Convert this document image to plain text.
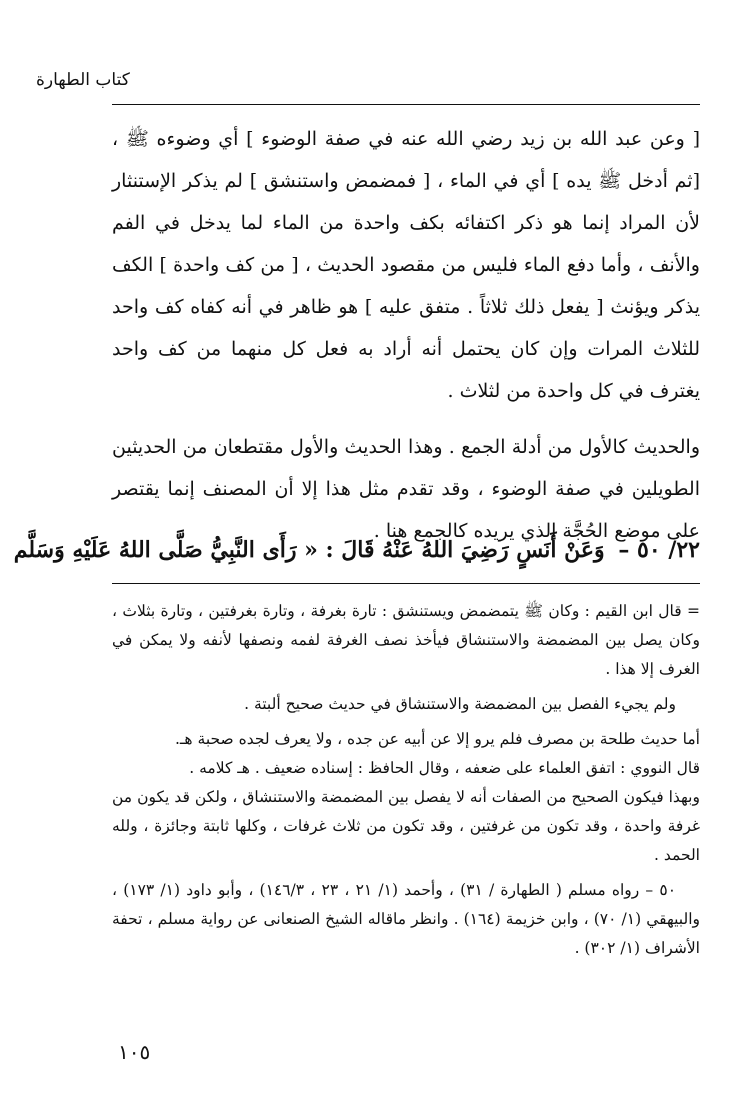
كتاب الطهارة

[ وعن عبد الله بن زيد رضي الله عنه في صفة الوضوء ] أي وضوءه ﷺ ، [ثم أدخل ﷺ يده ] أي في الماء ، [ فمضمض واستنشق ] لم يذكر الإستنثار لأن المراد إنما هو ذكر اكتفائه بكف واحدة من الماء لما يدخل في الفم والأنف ، وأما دفع الماء فليس من مقصود الحديث ، [ من كف واحدة ] الكف يذكر ويؤنث [ يفعل ذلك ثلاثاً . متفق عليه ] هو ظاهر في أنه كفاه كف واحد للثلاث المرات وإن كان يحتمل أنه أراد به فعل كل منهما من كف واحد يغترف في كل واحدة من لثلاث .

والحديث كالأول من أدلة الجمع . وهذا الحديث والأول مقتطعان من الحديثين الطويلين في صفة الوضوء ، وقد تقدم مثل هذا إلا أن المصنف إنما يقتصر على موضع الحُجَّة الذي يريده كالجمع هنا .

٢٢/ ٥٠ – وَعَنْ أَنَسٍ رَضِيَ اللهُ عَنْهُ قَالَ : « رَأَى النَّبِيُّ صَلَّى اللهُ عَلَيْهِ وَسَلَّم

= قال ابن القيم : وكان ﷺ يتمضمض ويستنشق : تارة بغرفة ، وتارة بغرفتين ، وتارة بثلاث ، وكان يصل بين المضمضة والاستنشاق فيأخذ نصف الغرفة لفمه ونصفها لأنفه ولا يمكن في الغرف إلا هذا .

ولم يجيء الفصل بين المضمضة والاستنشاق في حديث صحيح ألبتة .

أما حديث طلحة بن مصرف فلم يرو إلا عن أبيه عن جده ، ولا يعرف لجده صحبة هـ.

قال النووي : اتفق العلماء على ضعفه ، وقال الحافظ : إسناده ضعيف . هـ كلامه .

وبهذا فيكون الصحيح من الصفات أنه لا يفصل بين المضمضة والاستنشاق ، ولكن قد يكون من غرفة واحدة ، وقد تكون من غرفتين ، وقد تكون من ثلاث غرفات ، وكلها ثابتة وجائزة ، ولله الحمد .

٥٠ – رواه مسلم ( الطهارة / ٣١) ، وأحمد (١/ ٢١ ، ٢٣ ، ١٤٦/٣) ، وأبو داود (١/ ١٧٣) ، والبيهقي (١/ ٧٠) ، وابن خزيمة (١٦٤) . وانظر ماقاله الشيخ الصنعانى عن رواية مسلم ، تحفة الأشراف (١/ ٣٠٢) .

١٠٥
